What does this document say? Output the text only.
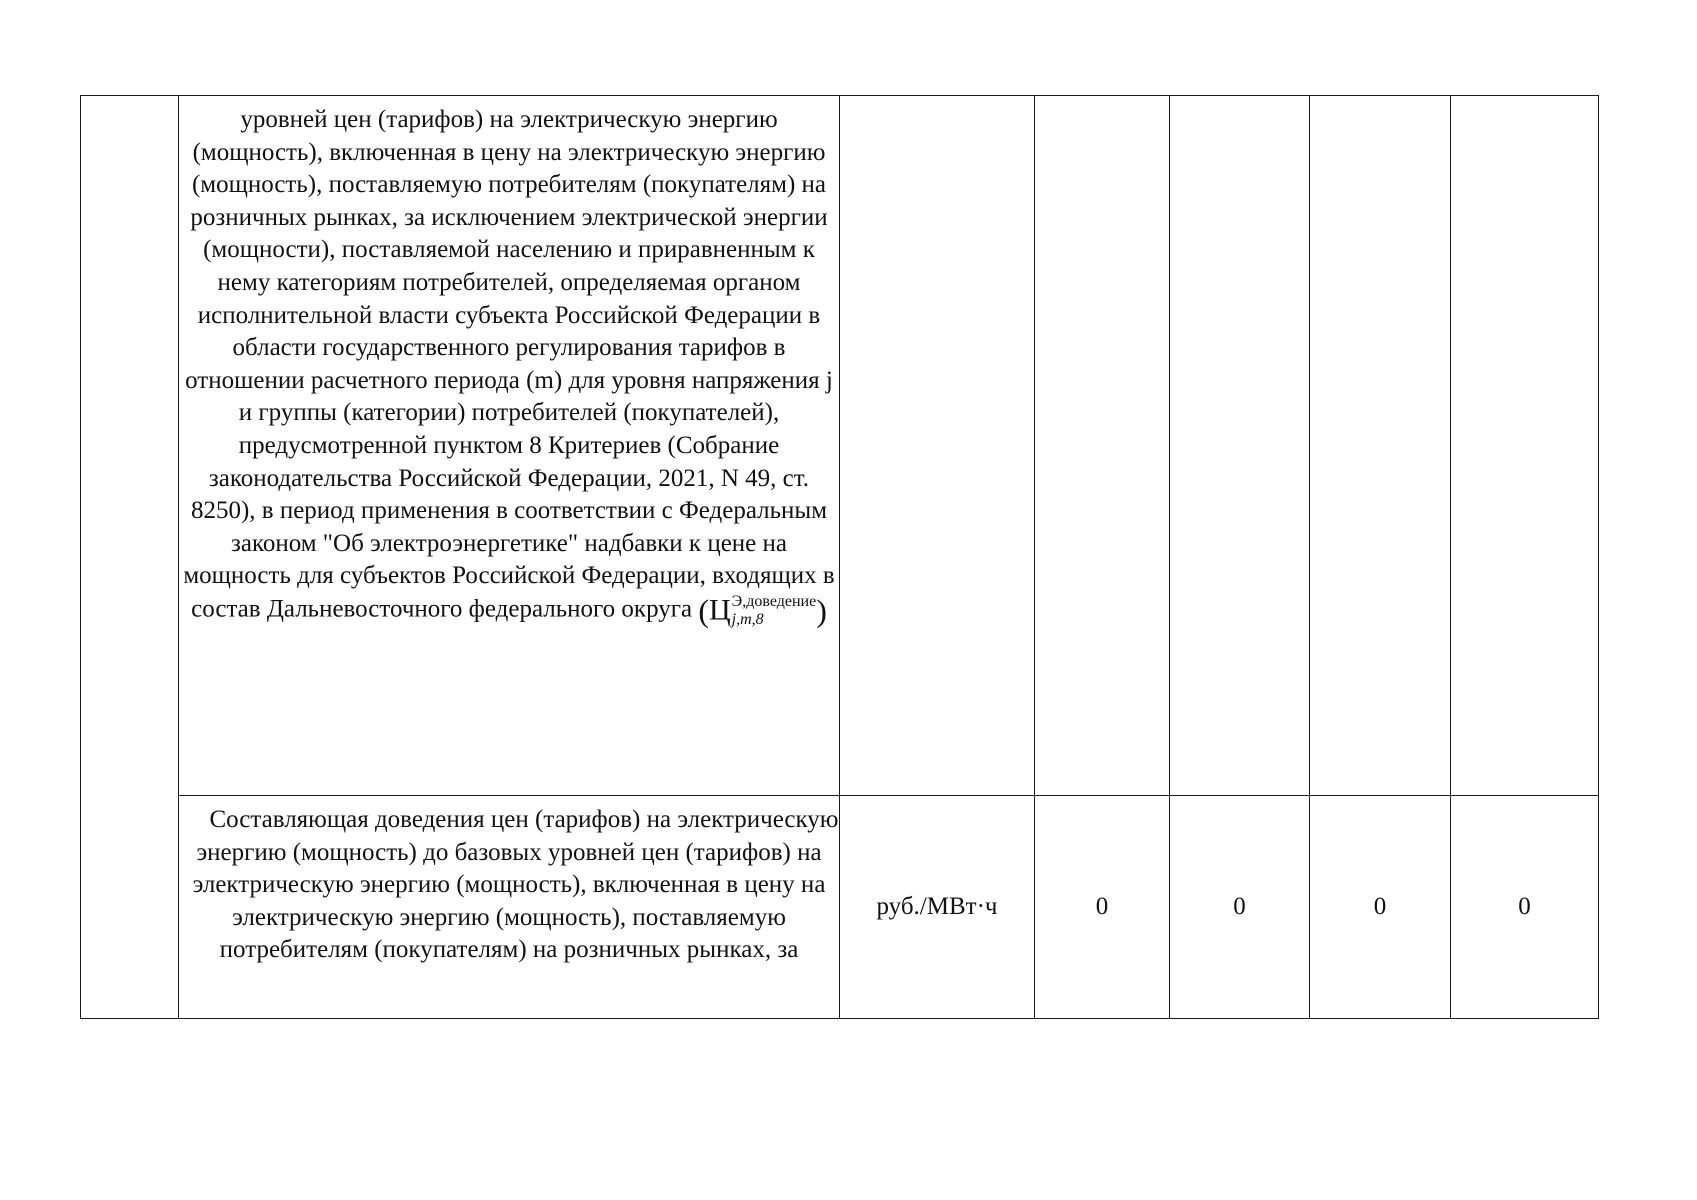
	уровней цен (тарифов) на электрическую энергию (мощность), включенная в цену на электрическую энергию (мощность), поставляемую потребителям (покупателям) на розничных рынках, за исключением электрической энергии (мощности), поставляемой населению и приравненным к нему категориям потребителей, определяемая органом исполнительной власти субъекта Российской Федерации в области государственного регулирования тарифов в отношении расчетного периода (m) для уровня напряжения j и группы (категории) потребителей (покупателей), предусмотренной пунктом 8 Критериев (Собрание законодательства Российской Федерации, 2021, N 49, ст. 8250), в период применения в соответствии с Федеральным законом "Об электроэнергетике" надбавки к цене на мощность для субъектов Российской Федерации, входящих в состав Дальневосточного федерального округа (Ц Э,доведение
j,m,8 )					

	Составляющая доведения цен (тарифов) на электрическую энергию (мощность) до базовых уровней цен (тарифов) на электрическую энергию (мощность), включенная в цену на электрическую энергию (мощность), поставляемую потребителям (покупателям) на розничных рынках, за	руб./МВт·ч	0	0	0	0
